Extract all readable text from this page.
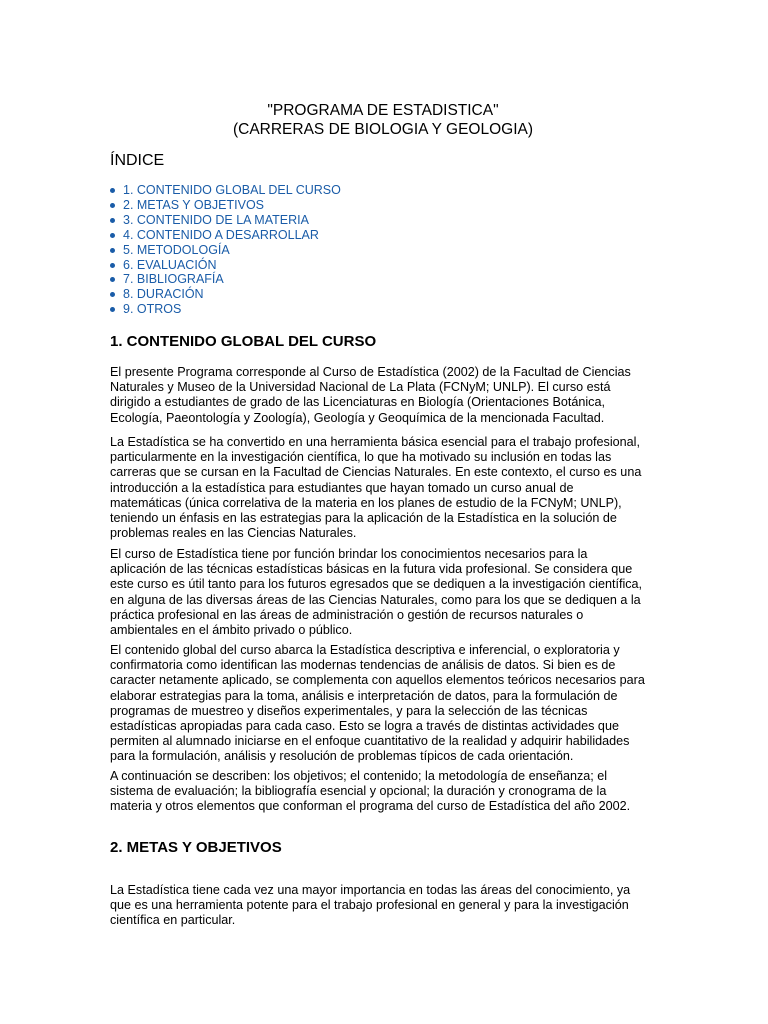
"PROGRAMA DE ESTADISTICA"
(CARRERAS DE BIOLOGIA Y GEOLOGIA)
ÍNDICE
1. CONTENIDO GLOBAL DEL CURSO
2. METAS Y OBJETIVOS
3. CONTENIDO DE LA MATERIA
4. CONTENIDO A DESARROLLAR
5. METODOLOGÍA
6. EVALUACIÓN
7. BIBLIOGRAFÍA
8. DURACIÓN
9. OTROS
1. CONTENIDO GLOBAL DEL CURSO
El presente Programa corresponde al Curso de Estadística (2002) de la Facultad de Ciencias
Naturales y Museo de la Universidad Nacional de La Plata (FCNyM; UNLP). El curso está
dirigido a estudiantes de grado de las Licenciaturas en Biología (Orientaciones Botánica,
Ecología, Paeontología y Zoología), Geología y Geoquímica de la mencionada Facultad.
La Estadística se ha convertido en una herramienta básica esencial para el trabajo profesional,
particularmente en la investigación científica, lo que ha motivado su inclusión en todas las
carreras que se cursan en la Facultad de Ciencias Naturales. En este contexto, el curso es una
introducción a la estadística para estudiantes que hayan tomado un curso anual de
matemáticas (única correlativa de la materia en los planes de estudio de la FCNyM; UNLP),
teniendo un énfasis en las estrategias para la aplicación de la Estadística en la solución de
problemas reales en las Ciencias Naturales.
El curso de Estadística tiene por función brindar los conocimientos necesarios para la
aplicación de las técnicas estadísticas básicas en la futura vida profesional. Se considera que
este curso es útil tanto para los futuros egresados que se dediquen a la investigación científica,
en alguna de las diversas áreas de las Ciencias Naturales, como para los que se dediquen a la
práctica profesional en las áreas de administración o gestión de recursos naturales o
ambientales en el ámbito privado o público.
El contenido global del curso abarca la Estadística descriptiva e inferencial, o exploratoria y
confirmatoria como identifican las modernas tendencias de análisis de datos. Si bien es de
caracter netamente aplicado, se complementa con aquellos elementos teóricos necesarios para
elaborar estrategias para la toma, análisis e interpretación de datos, para la formulación de
programas de muestreo y diseños experimentales, y para la selección de las técnicas
estadísticas apropiadas para cada caso. Esto se logra a través de distintas actividades que
permiten al alumnado iniciarse en el enfoque cuantitativo de la realidad y adquirir habilidades
para la formulación, análisis y resolución de problemas típicos de cada orientación.
A continuación se describen: los objetivos; el contenido; la metodología de enseñanza; el
sistema de evaluación; la bibliografía esencial y opcional; la duración y cronograma de la
materia y otros elementos que conforman el programa del curso de Estadística del año 2002.
2. METAS Y OBJETIVOS
La Estadística tiene cada vez una mayor importancia en todas las áreas del conocimiento, ya
que es una herramienta potente para el trabajo profesional en general y para la investigación
científica en particular.
